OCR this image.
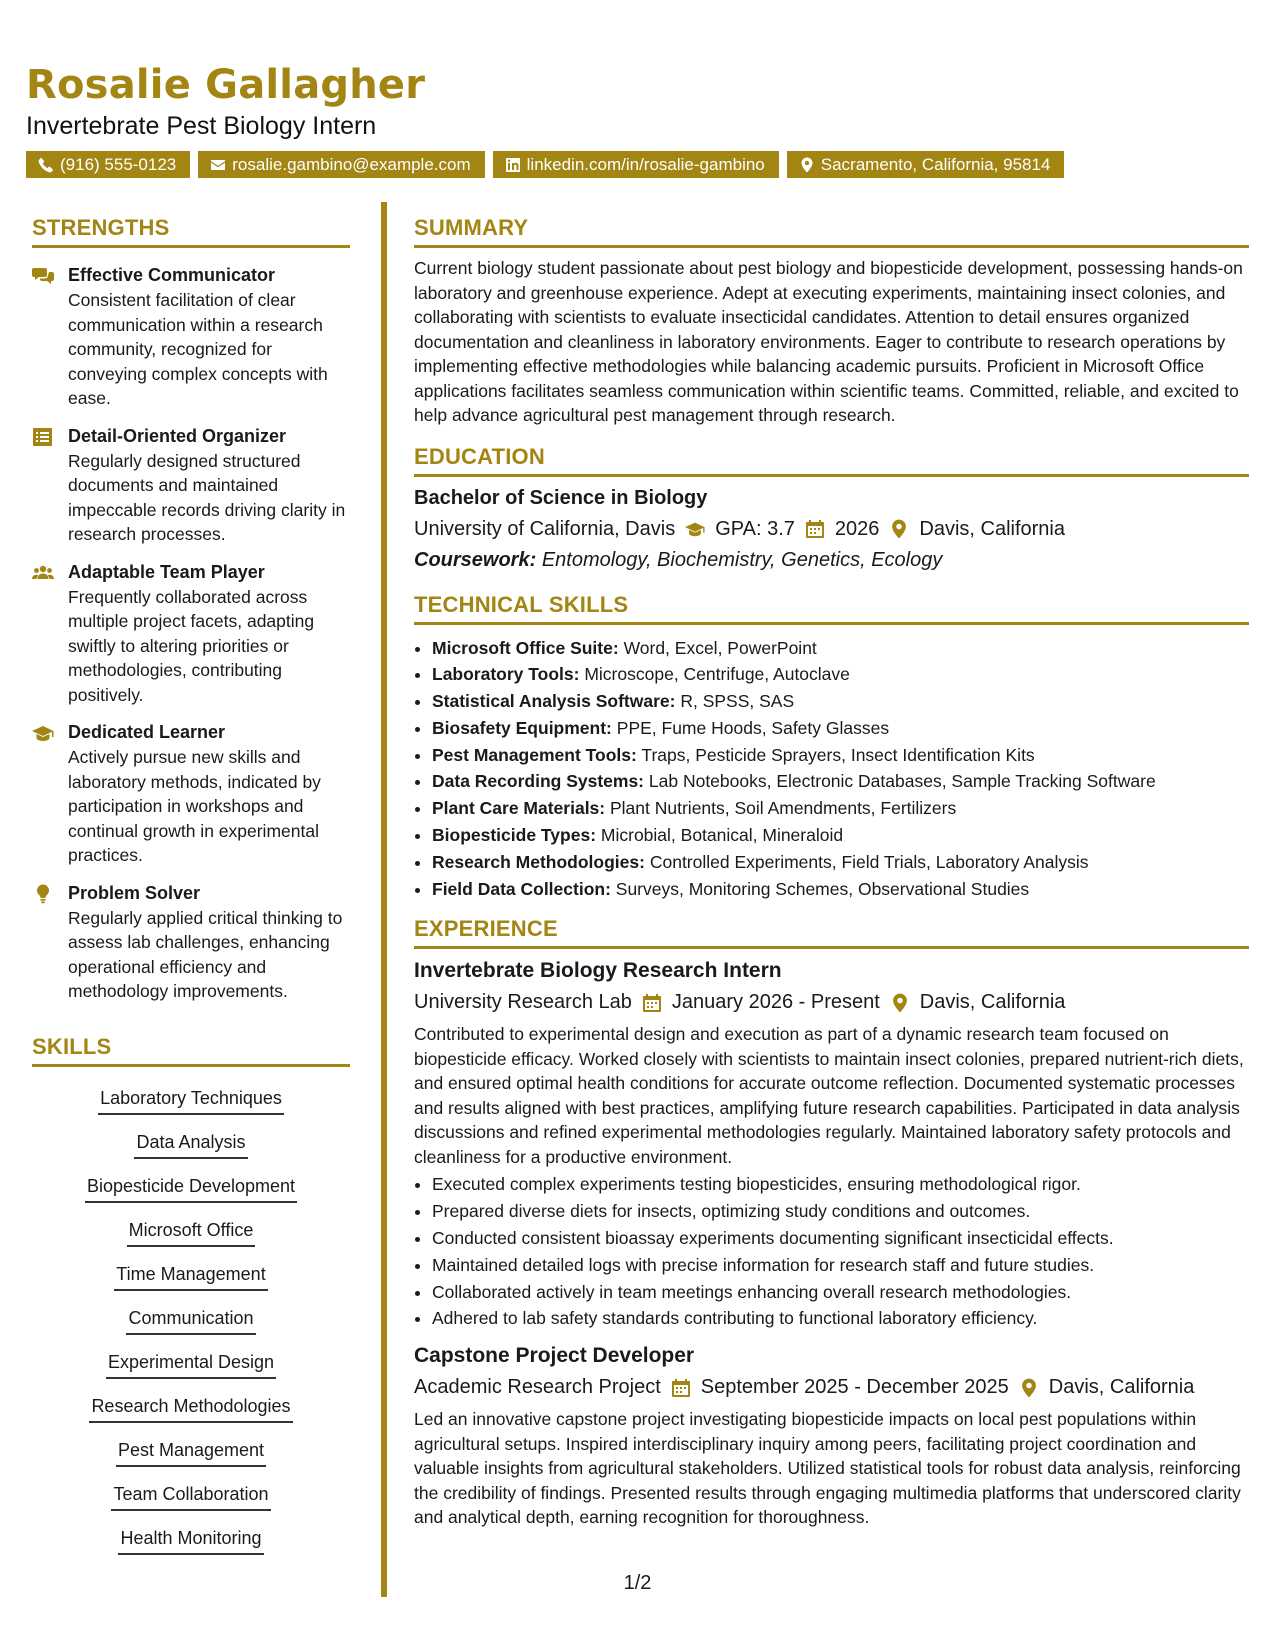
Rosalie Gallagher
Invertebrate Pest Biology Intern
(916) 555-0123	rosalie.gambino@example.com	linkedin.com/in/rosalie-gambino	Sacramento, California, 95814
STRENGTHS
Effective Communicator
Consistent facilitation of clear communication within a research community, recognized for conveying complex concepts with ease.
Detail-Oriented Organizer
Regularly designed structured documents and maintained impeccable records driving clarity in research processes.
Adaptable Team Player
Frequently collaborated across multiple project facets, adapting swiftly to altering priorities or methodologies, contributing positively.
Dedicated Learner
Actively pursue new skills and laboratory methods, indicated by participation in workshops and continual growth in experimental practices.
Problem Solver
Regularly applied critical thinking to assess lab challenges, enhancing operational efficiency and methodology improvements.
SKILLS
Laboratory Techniques
Data Analysis
Biopesticide Development
Microsoft Office
Time Management
Communication
Experimental Design
Research Methodologies
Pest Management
Team Collaboration
Health Monitoring
SUMMARY

Current biology student passionate about pest biology and biopesticide development, possessing hands-on laboratory and greenhouse experience. Adept at executing experiments, maintaining insect colonies, and collaborating with scientists to evaluate insecticidal candidates. Attention to detail ensures organized documentation and cleanliness in laboratory environments. Eager to contribute to research operations by implementing effective methodologies while balancing academic pursuits. Proficient in Microsoft Office applications facilitates seamless communication within scientific teams. Committed, reliable, and excited to help advance agricultural pest management through research.

EDUCATION
Bachelor of Science in Biology
University of California, Davis GPA: 3.7 2026 Davis, California
Coursework: Entomology, Biochemistry, Genetics, Ecology
TECHNICAL SKILLS
• Microsoft Office Suite: Word, Excel, PowerPoint
• Laboratory Tools: Microscope, Centrifuge, Autoclave
• Statistical Analysis Software: R, SPSS, SAS
• Biosafety Equipment: PPE, Fume Hoods, Safety Glasses
• Pest Management Tools: Traps, Pesticide Sprayers, Insect Identification Kits
• Data Recording Systems: Lab Notebooks, Electronic Databases, Sample Tracking Software
• Plant Care Materials: Plant Nutrients, Soil Amendments, Fertilizers
• Biopesticide Types: Microbial, Botanical, Mineraloid
• Research Methodologies: Controlled Experiments, Field Trials, Laboratory Analysis
• Field Data Collection: Surveys, Monitoring Schemes, Observational Studies
EXPERIENCE
Invertebrate Biology Research Intern
University Research Lab January 2026 - Present Davis, California

Contributed to experimental design and execution as part of a dynamic research team focused on biopesticide efficacy. Worked closely with scientists to maintain insect colonies, prepared nutrient-rich diets, and ensured optimal health conditions for accurate outcome reflection. Documented systematic processes and results aligned with best practices, amplifying future research capabilities. Participated in data analysis discussions and refined experimental methodologies regularly. Maintained laboratory safety protocols and cleanliness for a productive environment.

• Executed complex experiments testing biopesticides, ensuring methodological rigor.
• Prepared diverse diets for insects, optimizing study conditions and outcomes.
• Conducted consistent bioassay experiments documenting significant insecticidal effects.
• Maintained detailed logs with precise information for research staff and future studies.
• Collaborated actively in team meetings enhancing overall research methodologies.
• Adhered to lab safety standards contributing to functional laboratory efficiency.
Capstone Project Developer
Academic Research Project September 2025 - December 2025 Davis, California

Led an innovative capstone project investigating biopesticide impacts on local pest populations within agricultural setups. Inspired interdisciplinary inquiry among peers, facilitating project coordination and valuable insights from agricultural stakeholders. Utilized statistical tools for robust data analysis, reinforcing the credibility of findings. Presented results through engaging multimedia platforms that underscored clarity and analytical depth, earning recognition for thoroughness.

1/2
